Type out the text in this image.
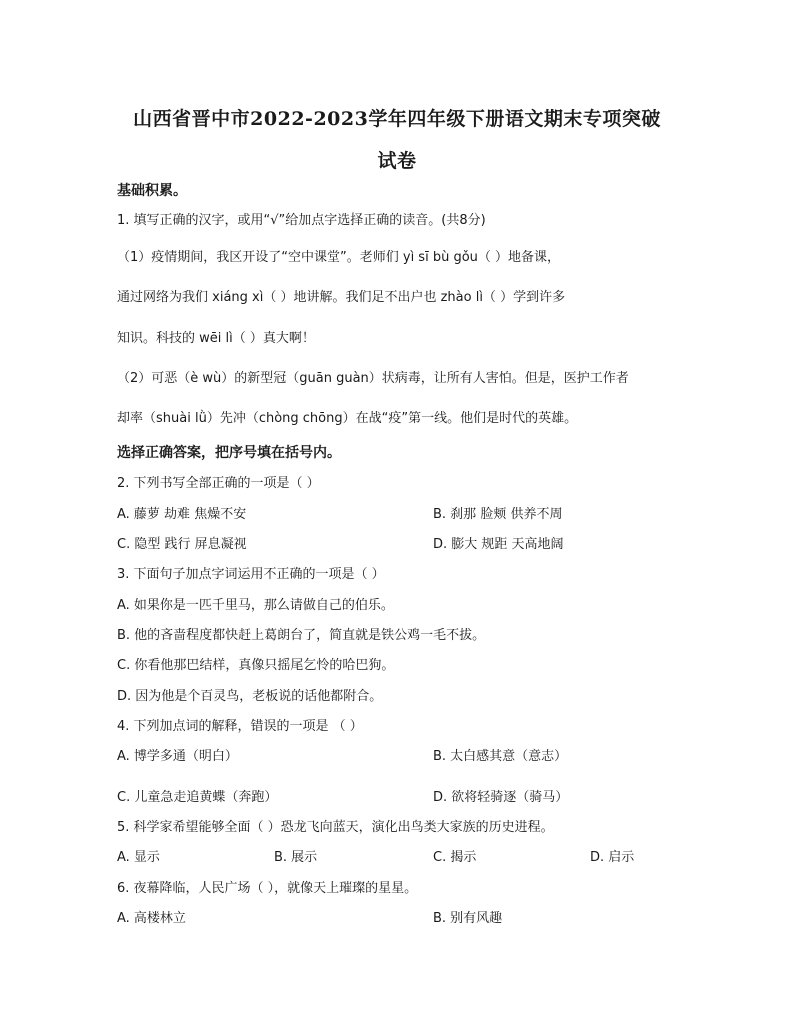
山西省晋中市2022-2023学年四年级下册语文期末专项突破
试卷

基础积累。

1. 填写正确的汉字，或用“√”给加点字选择正确的读音。(共8分)

（1）疫情期间，我区开设了“空中课堂”。老师们 yì sī bù gǒu（ ）地备课，

通过网络为我们 xiáng xì（ ）地讲解。我们足不出户也 zhào lì（ ）学到许多

知识。科技的 wēi lì（ ）真大啊！

（2）可恶（è wù）的新型冠（guān guàn）状病毒，让所有人害怕。但是，医护工作者

却率（shuài lǜ）先冲（chòng chōng）在战“疫”第一线。他们是时代的英雄。

选择正确答案，把序号填在括号内。

2. 下列书写全部正确的一项是（ ）

A. 藤萝 劫难 焦燥不安	B. 刹那 脸颊 供养不周

C. 隐型 践行 屏息凝视	D. 膨大 规距 天高地阔

3. 下面句子加点字词运用不正确的一项是（ ）

A. 如果你是一匹千里马，那么请做自己的伯乐。

B. 他的吝啬程度都快赶上葛朗台了，简直就是铁公鸡一毛不拔。

C. 你看他那巴结样，真像只摇尾乞怜的哈巴狗。

D. 因为他是个百灵鸟，老板说的话他都附合。

4. 下列加点词的解释，错误的一项是 （ ）

A. 博学多通（明白）	B. 太白感其意（意志）

C. 儿童急走追黄蝶（奔跑）	D. 欲将轻骑逐（骑马）

5. 科学家希望能够全面（ ）恐龙飞向蓝天，演化出鸟类大家族的历史进程。

A. 显示	B. 展示	C. 揭示	D. 启示

6. 夜幕降临，人民广场（ ），就像天上璀璨的星星。

A. 高楼林立	B. 别有风趣
